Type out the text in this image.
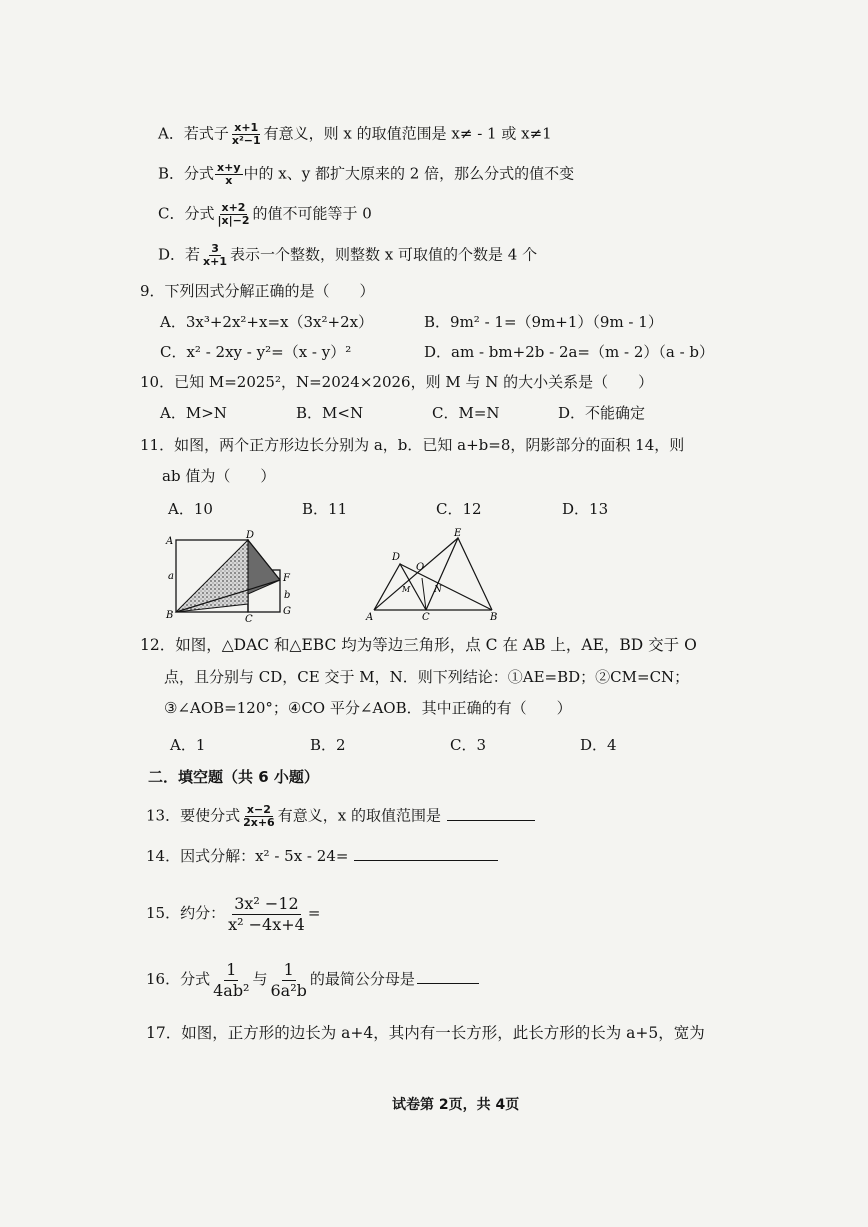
A．若式子 $\frac{x+1}{\text{x²−1}}$ 有意义，则 x 的取值范围是 x≠ - 1 或 x≠1
B．分式 $\frac{x+y}{x}$ 中的 x、y 都扩大原来的 2 倍，那么分式的值不变
C．分式 $\frac{x+2}{|x|-2}$ 的值不可能等于 0
D．若 $\frac{3}{x+1}$ 表示一个整数，则整数 x 可取值的个数是 4 个
9．下列因式分解正确的是（　　）
A．3x³+2x²+x=x（3x²+2x）	B．9m² - 1=（9m+1）（9m - 1）
C．x² - 2xy - y²=（x - y）²	D．am - bm+2b - 2a=（m - 2）（a - b）
10．已知 M=2025²，N=2024×2026，则 M 与 N 的大小关系是（　　）
A．M>N	B．M<N	C．M=N	D．不能确定
11．如图，两个正方形边长分别为 a，b．已知 a+b=8，阴影部分的面积 14，则
ab 值为（　　）
A．10	B．11	C．12	D．13
A
D
a
B	C
F
b
G
D
O
E
M	N
A	C	B
12．如图，△DAC 和△EBC 均为等边三角形，点 C 在 AB 上，AE，BD 交于 O
点，且分别与 CD，CE 交于 M，N．则下列结论：①AE=BD；②CM=CN；
③∠AOB=120°；④CO 平分∠AOB．其中正确的有（　　）
A．1	B．2	C．3	D．4
二．填空题（共 6 小题）
13．要使分式 $\frac{x-2}{2x+6}$ 有意义，x 的取值范围是
14．因式分解：x² - 5x - 24=
15．约分： $\frac{\text{3x² −12}}{\text{x² −4x+4}}$ =
16．分式 $\frac{1}{\text{4ab²}}$ 与 $\frac{1}{\text{6a²b}}$ 的最简公分母是
17．如图，正方形的边长为 a+4，其内有一长方形，此长方形的长为 a+5，宽为
试卷第 2页，共 4页
